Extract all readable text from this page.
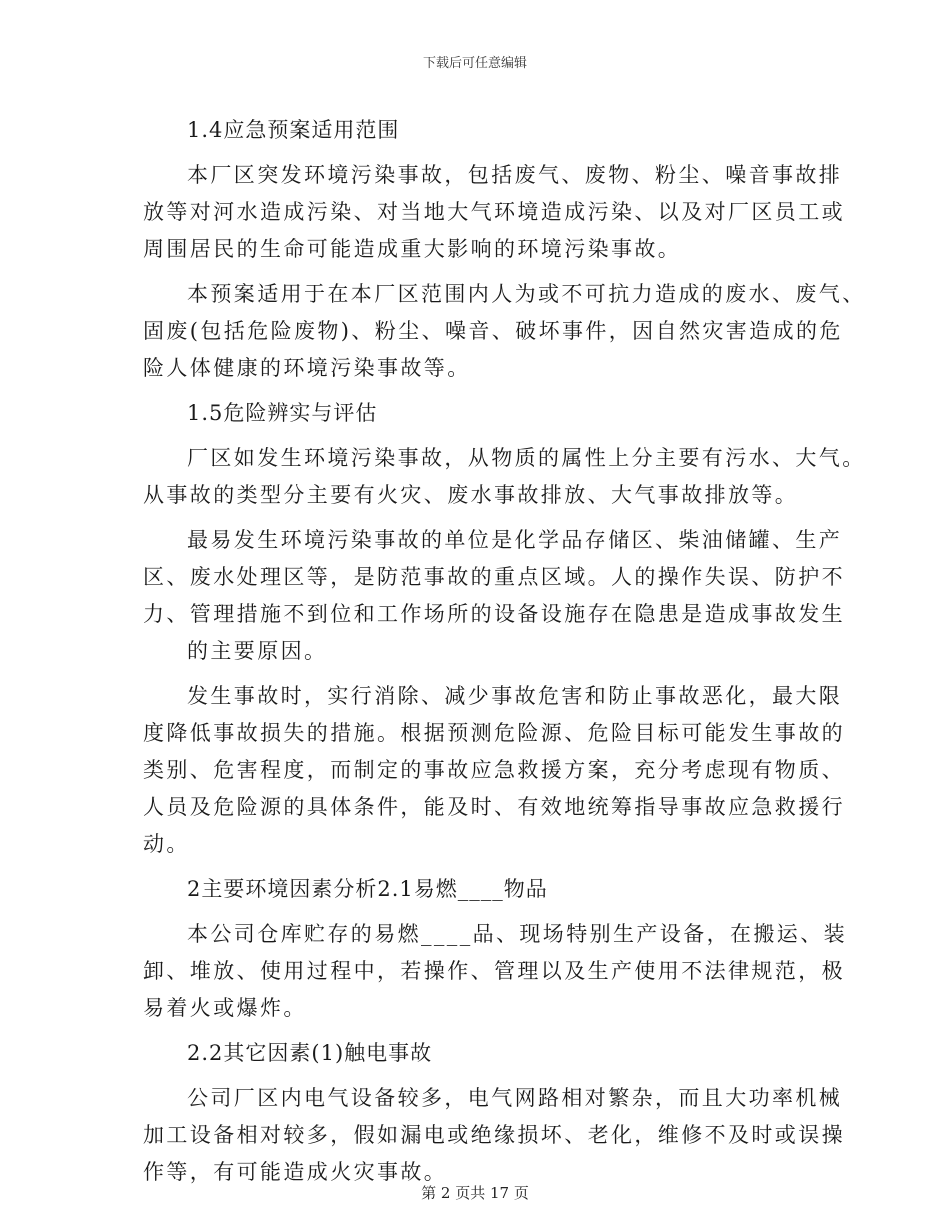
下载后可任意编辑
1.4应急预案适用范围
本厂区突发环境污染事故，包括废气、废物、粉尘、噪音事故排
放等对河水造成污染、对当地大气环境造成污染、以及对厂区员工或
周围居民的生命可能造成重大影响的环境污染事故。
本预案适用于在本厂区范围内人为或不可抗力造成的废水、废气、
固废(包括危险废物)、粉尘、噪音、破坏事件，因自然灾害造成的危
险人体健康的环境污染事故等。
1.5危险辨实与评估
厂区如发生环境污染事故，从物质的属性上分主要有污水、大气。
从事故的类型分主要有火灾、废水事故排放、大气事故排放等。
最易发生环境污染事故的单位是化学品存储区、柴油储罐、生产
区、废水处理区等，是防范事故的重点区域。人的操作失误、防护不
力、管理措施不到位和工作场所的设备设施存在隐患是造成事故发生
的主要原因。
发生事故时，实行消除、减少事故危害和防止事故恶化，最大限
度降低事故损失的措施。根据预测危险源、危险目标可能发生事故的
类别、危害程度，而制定的事故应急救援方案，充分考虑现有物质、
人员及危险源的具体条件，能及时、有效地统筹指导事故应急救援行
动。
2主要环境因素分析2.1易燃____物品
本公司仓库贮存的易燃____品、现场特别生产设备，在搬运、装
卸、堆放、使用过程中，若操作、管理以及生产使用不法律规范，极
易着火或爆炸。
2.2其它因素(1)触电事故
公司厂区内电气设备较多，电气网路相对繁杂，而且大功率机械
加工设备相对较多，假如漏电或绝缘损坏、老化，维修不及时或误操
作等，有可能造成火灾事故。
第 2 页共 17 页
